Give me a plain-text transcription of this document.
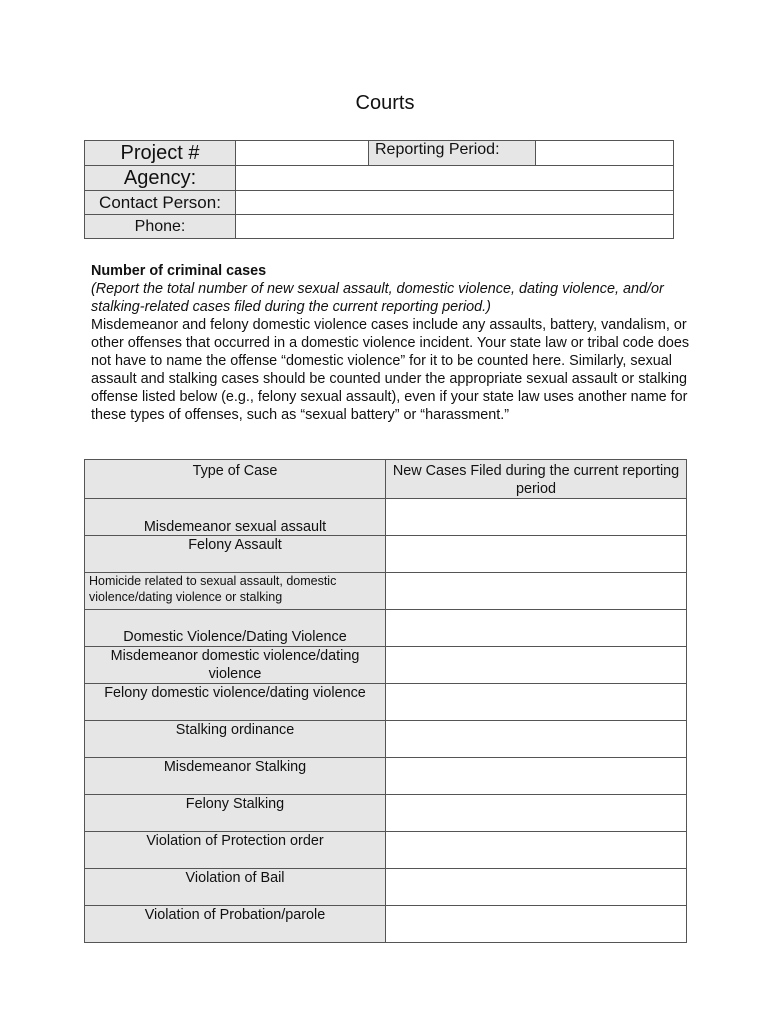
Courts
Project #		Reporting Period:	
Agency:			
Contact Person:			
Phone:			
Number of criminal cases
(Report the total number of new sexual assault, domestic violence, dating violence, and/or stalking-related cases filed during the current reporting period.)
Misdemeanor and felony domestic violence cases include any assaults, battery, vandalism, or other offenses that occurred in a domestic violence incident. Your state law or tribal code does not have to name the offense “domestic violence” for it to be counted here. Similarly, sexual assault and stalking cases should be counted under the appropriate sexual assault or stalking offense listed below (e.g., felony sexual assault), even if your state law uses another name for these types of offenses, such as “sexual battery” or “harassment.”
Type of Case	New Cases Filed during the current reporting period

Misdemeanor sexual assault
Felony Assault	

Homicide related to sexual assault, domestic violence/dating violence or stalking	
Domestic Violence/Dating Violence	
Misdemeanor domestic violence/dating violence	
Felony domestic violence/dating violence	
Stalking ordinance	
Misdemeanor Stalking	
Felony Stalking	
Violation of Protection order	
Violation of Bail	
Violation of Probation/parole	
